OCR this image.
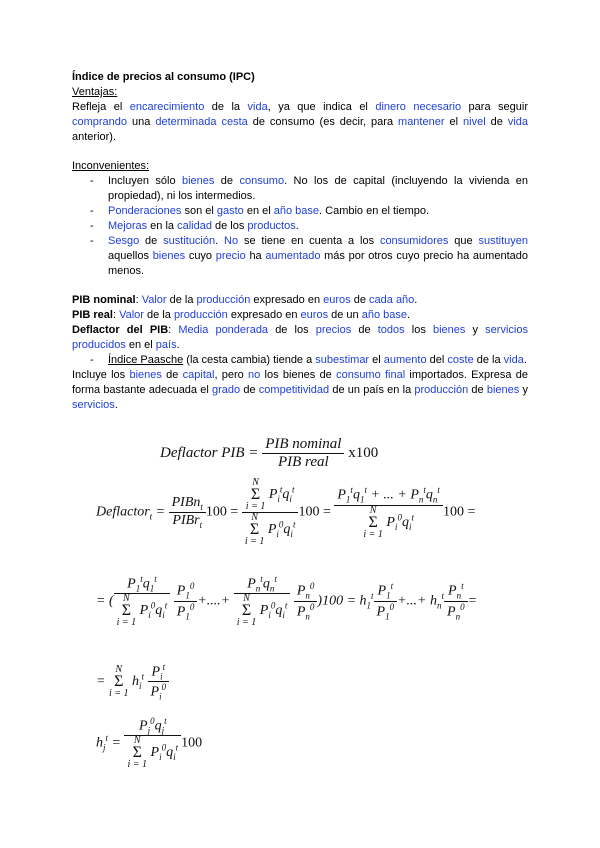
Índice de precios al consumo (IPC)

Ventajas:

Refleja el encarecimiento de la vida, ya que indica el dinero necesario para seguir comprando una determinada cesta de consumo (es decir, para mantener el nivel de vida anterior).

Inconvenientes:

- Incluyen sólo bienes de consumo. No los de capital (incluyendo la vivienda en propiedad), ni los intermedios.
- Ponderaciones son el gasto en el año base. Cambio en el tiempo.
- Mejoras en la calidad de los productos.
- Sesgo de sustitución. No se tiene en cuenta a los consumidores que sustituyen aquellos bienes cuyo precio ha aumentado más por otros cuyo precio ha aumentado menos.

PIB nominal: Valor de la producción expresado en euros de cada año.

PIB real: Valor de la producción expresado en euros de un año base.

Deflactor del PIB: Media ponderada de los precios de todos los bienes y servicios producidos en el país.

- Índice Paasche (la cesta cambia) tiende a subestimar el aumento del coste de la vida.

Incluye los bienes de capital, pero no los bienes de consumo final importados. Expresa de forma bastante adecuada el grado de competitividad de un país en la producción de bienes y servicios.

Deflactor PIB = $\frac{\text{PIB nominal}}{\text{PIB real}} x100$
Deflactor$_t$ = $\frac{PIBn_t}{PIBr_t} 100 = N$
Σ
i = 1 $P_i^tq_i^t$
N
Σ
i = 1 $P_i^0q_i^t$ $100 = P_1^tq_1^t$ + ... + $P_n^tq_n^t$
N
Σ
i = 1 $P_i^0q_i^t$ 100 =
= ( $P_1^tq_1^t$
N
Σ
i = 1 $P_i^0q_i^t$
$\frac{P_1^0}{P_1^0}$ +....+ $P_n^tq_n^t$
N
Σ
i = 1 $P_i^0q_i^t$
$\frac{P_n^0}{P_n^0} )100 = h_1^t \frac{P_1^t}{P_1^0}$ +...+ $h_n^t \frac{P_n^t}{P_n^0}$ =
= N
Σ
i = 1 $h_i^t \frac{P_i^t}{P_i^0}$
$h_j^t = P_j^0q_j^t$
N
Σ
i = 1 $P_i^0q_i^t$ 100
